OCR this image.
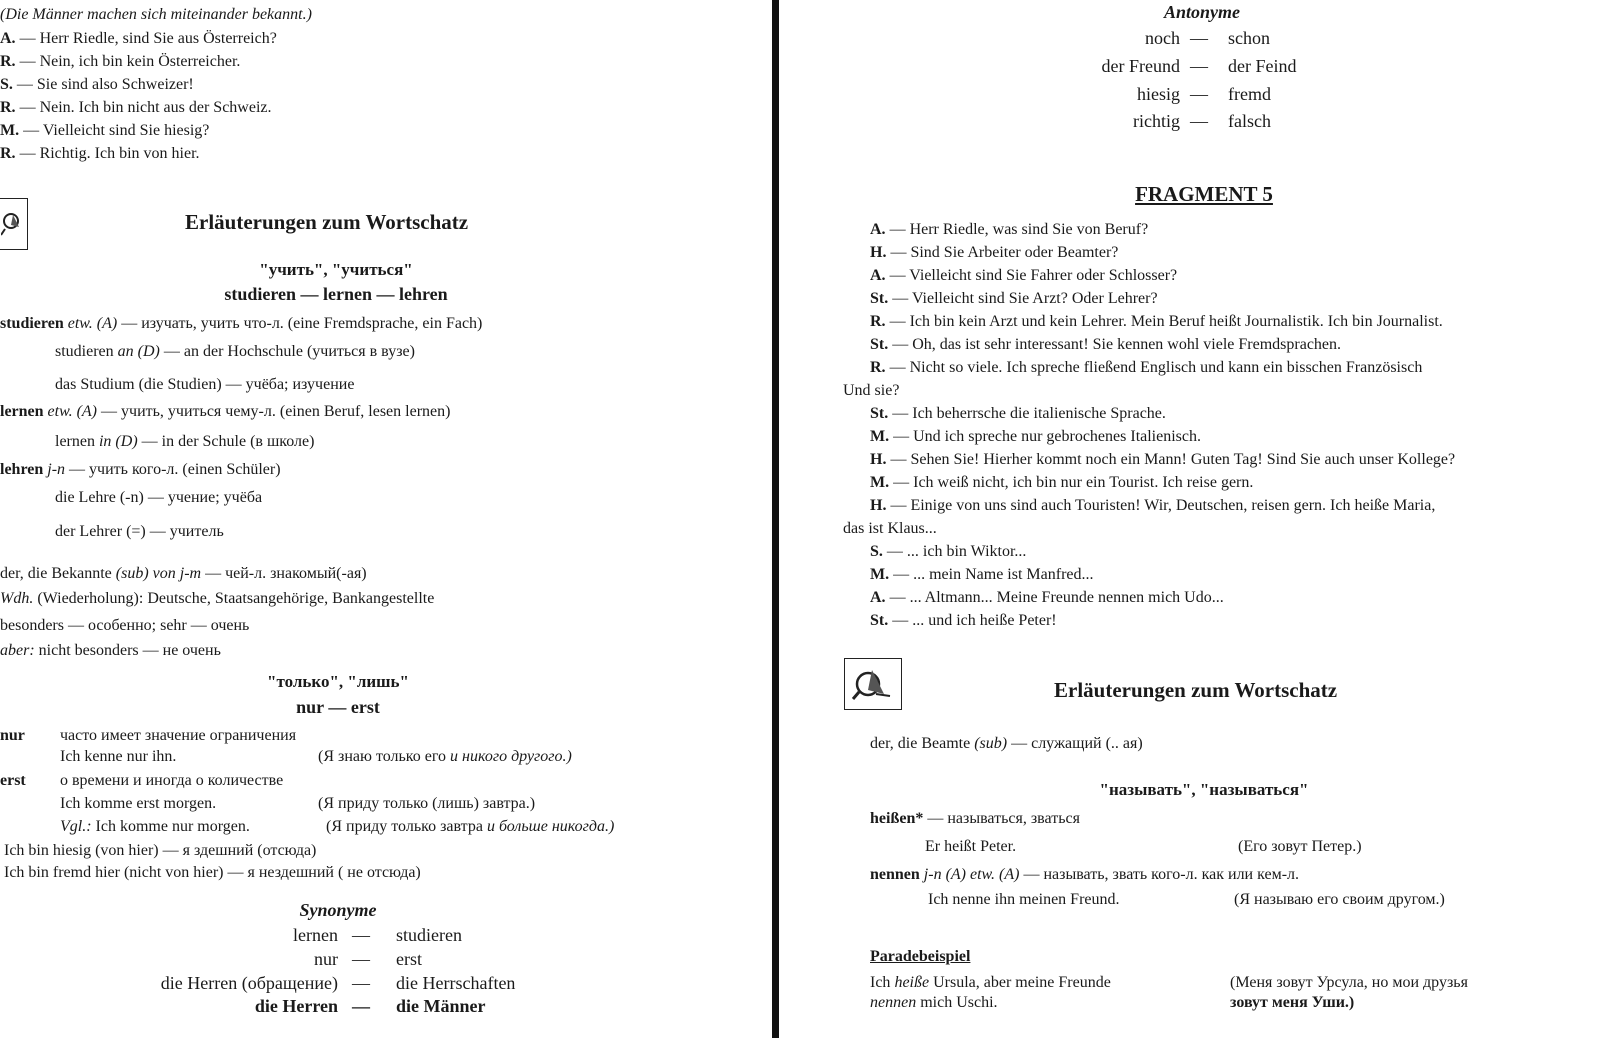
(Die Männer machen sich miteinander bekannt.)
A. — Herr Riedle, sind Sie aus Österreich?
R. — Nein, ich bin kein Österreicher.
S. — Sie sind also Schweizer!
R. — Nein. Ich bin nicht aus der Schweiz.
M. — Vielleicht sind Sie hiesig?
R. — Richtig. Ich bin von hier.
Erläuterungen zum Wortschatz
"учить", "учиться"
studieren — lernen — lehren
studieren etw. (A) — изучать, учить что-л. (eine Fremdsprache, ein Fach)
studieren an (D) — an der Hochschule (учиться в вузе)
das Studium (die Studien) — учёба; изучение
lernen etw. (A) — учить, учиться чему-л. (einen Beruf, lesen lernen)
lernen in (D) — in der Schule (в школе)
lehren j-n — учить кого-л. (einen Schüler)
die Lehre (-n) — учение; учёба
der Lehrer (=) — учитель
der, die Bekannte (sub) von j-m — чей-л. знакомый(-ая)
Wdh. (Wiederholung): Deutsche, Staatsangehörige, Bankangestellte
besonders — особенно; sehr — очень
aber: nicht besonders — не очень
"только", "лишь"
nur — erst
nur часто имеет значение ограничения
Ich kenne nur ihn.	(Я знаю только его и никого другого.)
erst о времени и иногда о количестве
Ich komme erst morgen.	(Я приду только (лишь) завтра.)
Vgl.: Ich komme nur morgen.	(Я приду только завтра и больше никогда.)
Ich bin hiesig (von hier) — я здешний (отсюда)
Ich bin fremd hier (nicht von hier) — я нездешний ( не отсюда)
Synonyme
lernen — studieren
nur — erst
die Herren (обращение) — die Herrschaften
die Herren — die Männer
Antonyme
noch — schon
der Freund — der Feind
hiesig — fremd
richtig — falsch
FRAGMENT 5
A. — Herr Riedle, was sind Sie von Beruf?
H. — Sind Sie Arbeiter oder Beamter?
A. — Vielleicht sind Sie Fahrer oder Schlosser?
St. — Vielleicht sind Sie Arzt? Oder Lehrer?
R. — Ich bin kein Arzt und kein Lehrer. Mein Beruf heißt Journalistik. Ich bin Journalist.
St. — Oh, das ist sehr interessant! Sie kennen wohl viele Fremdsprachen.
R. — Nicht so viele. Ich spreche fließend Englisch und kann ein bisschen Französisch
Und sie?
St. — Ich beherrsche die italienische Sprache.
M. — Und ich spreche nur gebrochenes Italienisch.
H. — Sehen Sie! Hierher kommt noch ein Mann! Guten Tag! Sind Sie auch unser Kollege?
M. — Ich weiß nicht, ich bin nur ein Tourist. Ich reise gern.
H. — Einige von uns sind auch Touristen! Wir, Deutschen, reisen gern. Ich heiße Maria,
das ist Klaus...
S. — ... ich bin Wiktor...
M. — ... mein Name ist Manfred...
A. — ... Altmann... Meine Freunde nennen mich Udo...
St. — ... und ich heiße Peter!
Erläuterungen zum Wortschatz
der, die Beamte (sub) — служащий (.. ая)
"называть", "называться"
heißen* — называться, зваться
Er heißt Peter.	(Его зовут Петер.)
nennen j-n (A) etw. (A) — называть, звать кого-л. как или кем-л.
Ich nenne ihn meinen Freund.	(Я называю его своим другом.)
Paradebeispiel
Ich heiße Ursula, aber meine Freunde
nennen mich Uschi.
(Меня зовут Урсула, но мои друзья
зовут меня Уши.)
